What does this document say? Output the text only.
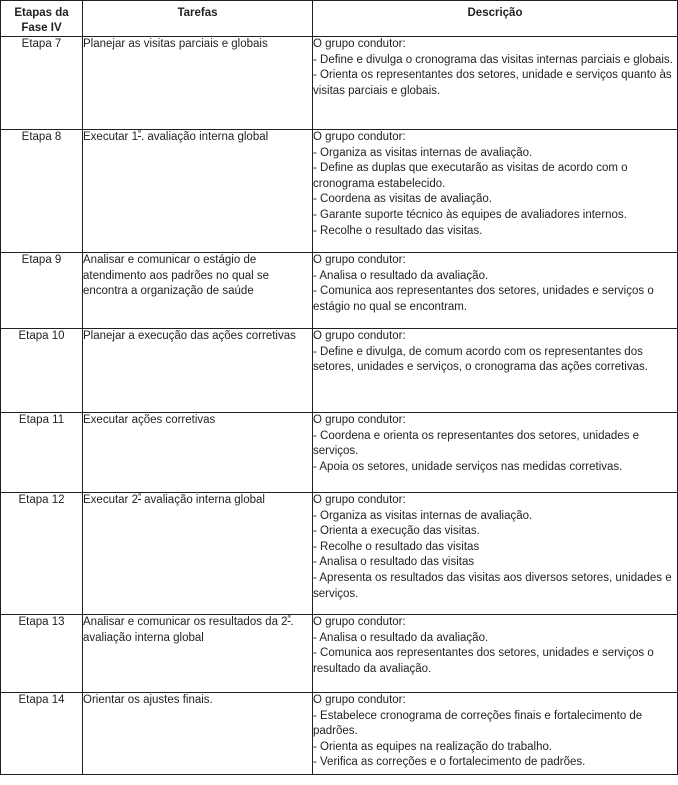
Etapas da
Fase IV	Tarefas	Descrição
Etapa 7	Planejar as visitas parciais e globais	O grupo condutor:
- Define e divulga o cronograma das visitas internas parciais e globais.
- Orienta os representantes dos setores, unidade e serviços quanto às visitas parciais e globais.

Etapa 8	Executar $1^ª$. avaliação interna global	O grupo condutor:
- Organiza as visitas internas de avaliação.
- Define as duplas que executarão as visitas de acordo com o cronograma estabelecido.
- Coordena as visitas de avaliação.
- Garante suporte técnico às equipes de avaliadores internos.
- Recolhe o resultado das visitas.

Etapa 9	Analisar e comunicar o estágio de atendimento aos padrões no qual se encontra a organização de saúde	O grupo condutor:
- Analisa o resultado da avaliação.
- Comunica aos representantes dos setores, unidades e serviços o estágio no qual se encontram.

Etapa 10	Planejar a execução das ações corretivas	O grupo condutor:
- Define e divulga, de comum acordo com os representantes dos setores, unidades e serviços, o cronograma das ações corretivas.

Etapa 11	Executar ações corretivas	O grupo condutor:
- Coordena e orienta os representantes dos setores, unidades e serviços.
- Apoia os setores, unidade serviços nas medidas corretivas.

Etapa 12	Executar $2^ª$ avaliação interna global	O grupo condutor:
- Organiza as visitas internas de avaliação.
- Orienta a execução das visitas.
- Recolhe o resultado das visitas
- Analisa o resultado das visitas
- Apresenta os resultados das visitas aos diversos setores, unidades e serviços.

Etapa 13	Analisar e comunicar os resultados da $2^ª$. avaliação interna global	O grupo condutor:
- Analisa o resultado da avaliação.
- Comunica aos representantes dos setores, unidades e serviços o resultado da avaliação.

Etapa 14	Orientar os ajustes finais.	O grupo condutor:
- Estabelece cronograma de correções finais e fortalecimento de padrões.
- Orienta as equipes na realização do trabalho.
- Verifica as correções e o fortalecimento de padrões.
